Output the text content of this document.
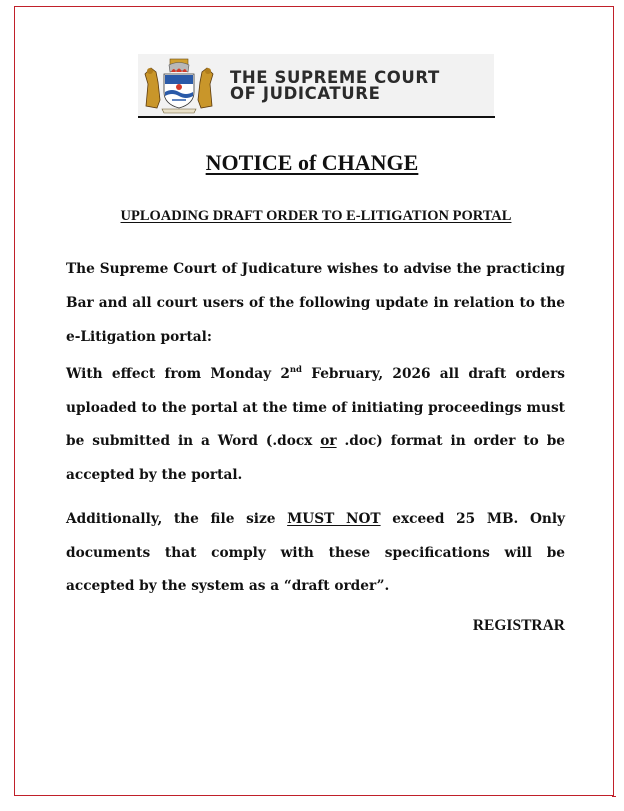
THE SUPREME COURT
OF JUDICATURE
NOTICE of CHANGE
UPLOADING DRAFT ORDER TO E-LITIGATION PORTAL

The Supreme Court of Judicature wishes to advise the practicing Bar and all court users of the following update in relation to the e-Litigation portal:

With effect from Monday 2nd February, 2026 all draft orders uploaded to the portal at the time of initiating proceedings must be submitted in a Word (.docx or .doc) format in order to be accepted by the portal.

Additionally, the file size MUST NOT exceed 25 MB. Only documents that comply with these specifications will be accepted by the system as a “draft order”.

REGISTRAR
